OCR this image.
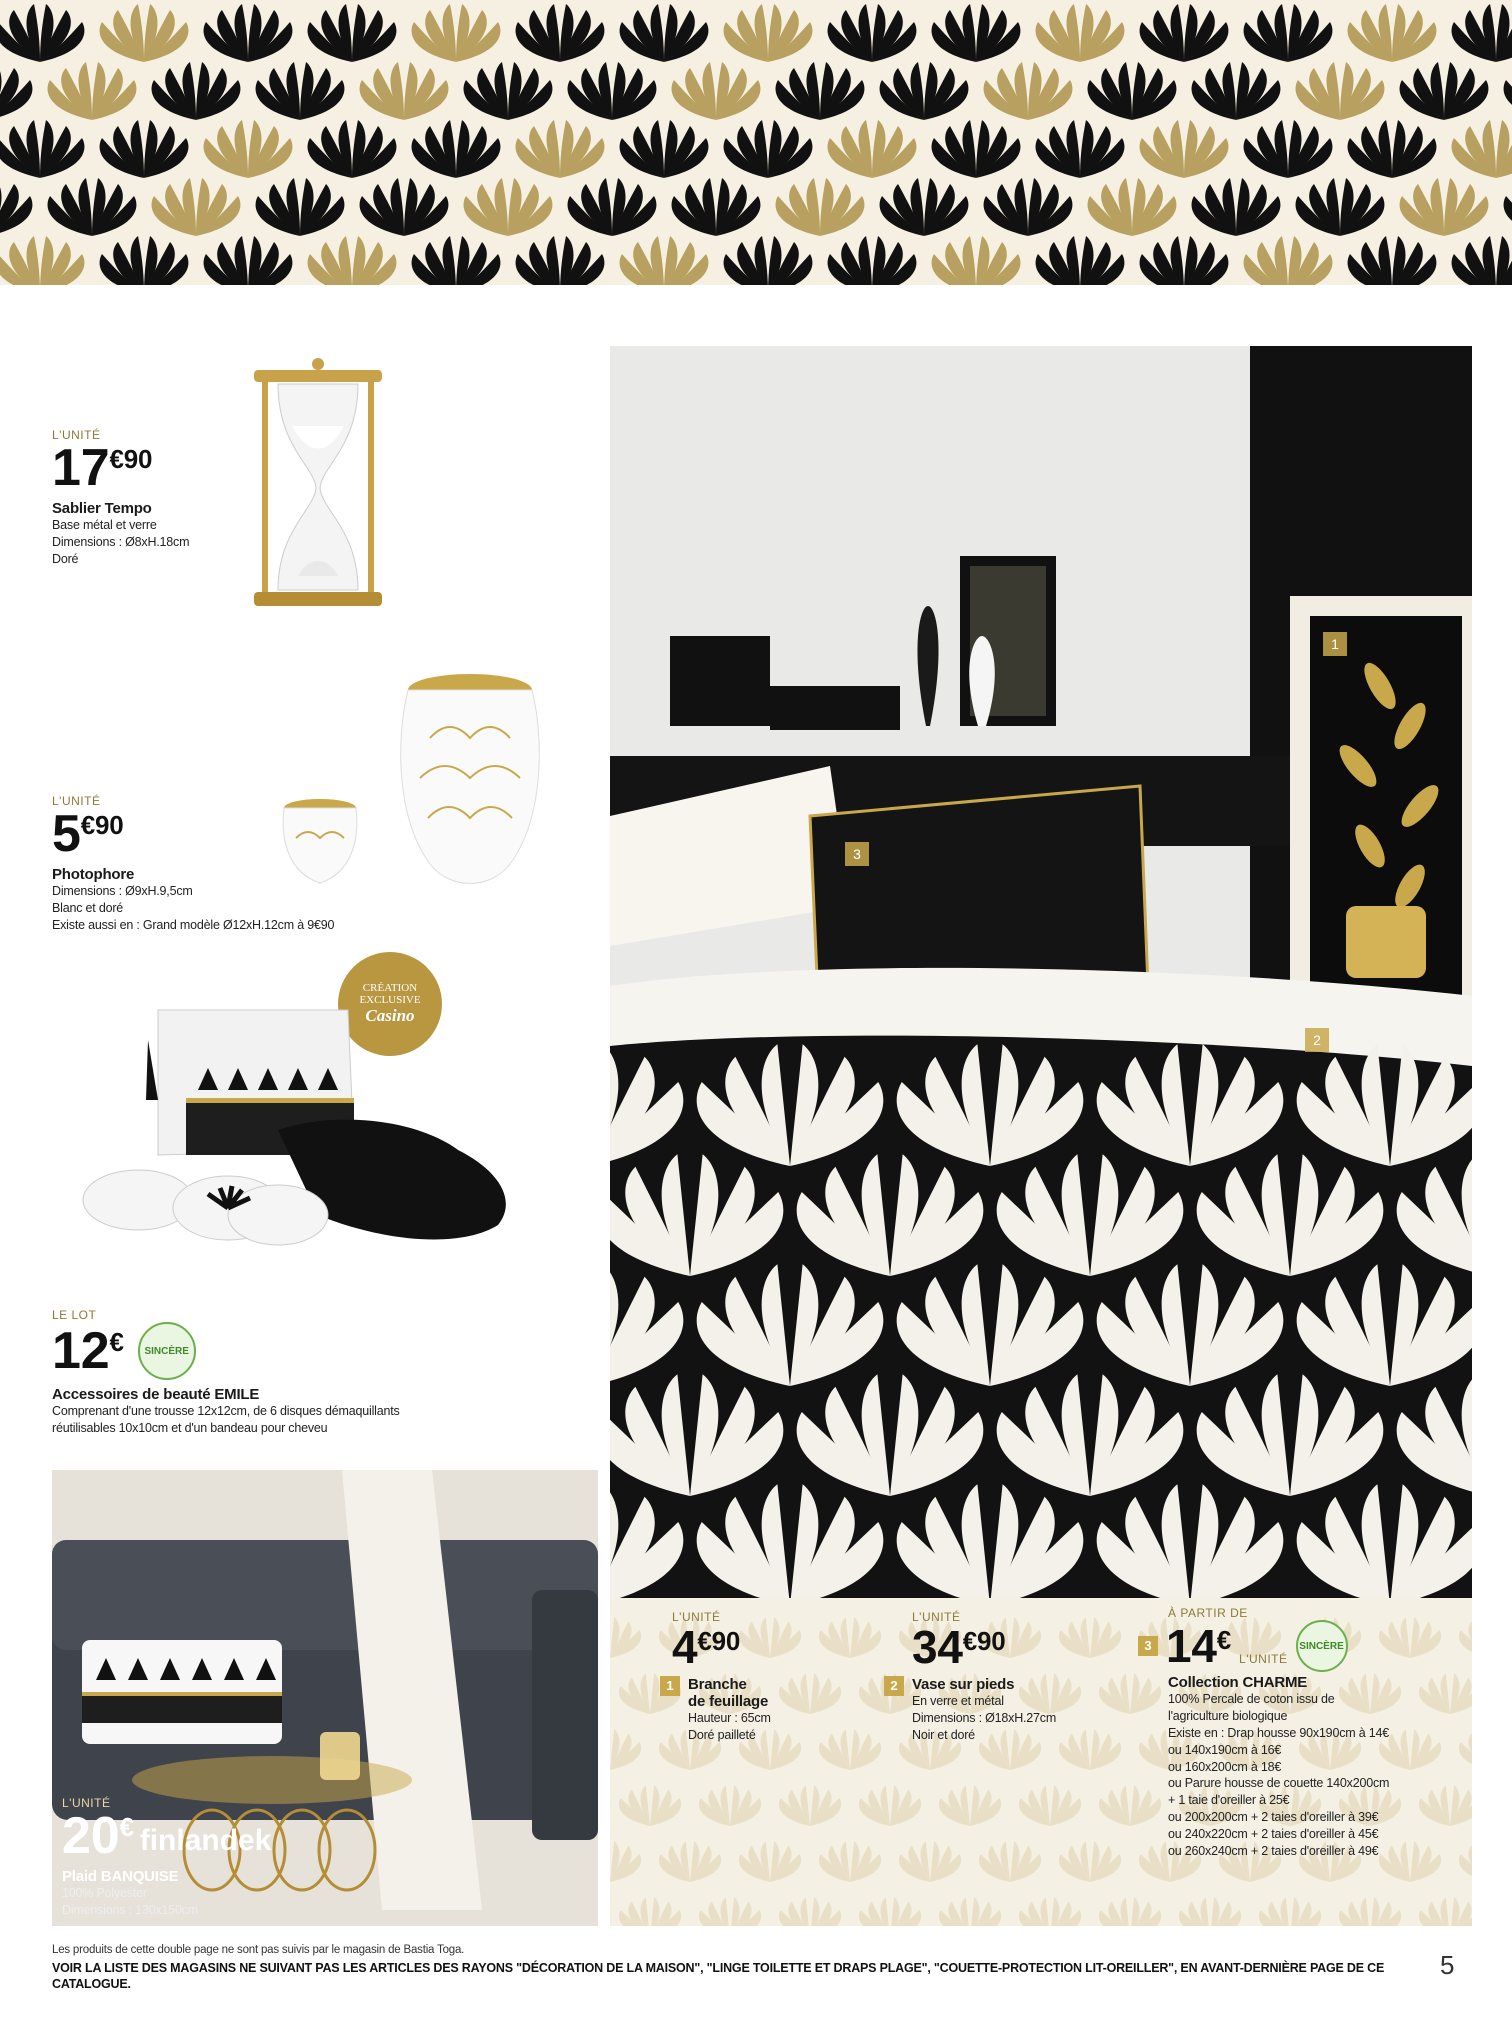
L'UNITÉ
17€90
Sablier Tempo
Base métal et verre
Dimensions : Ø8xH.18cm
Doré
L'UNITÉ
5€90
Photophore
Dimensions : Ø9xH.9,5cm
Blanc et doré
Existe aussi en : Grand modèle Ø12xH.12cm à 9€90
CRÉATION
EXCLUSIVE
Casino
LE LOT
12€	SINCÈRE
Accessoires de beauté EMILE
Comprenant d'une trousse 12x12cm, de 6 disques démaquillants
réutilisables 10x10cm et d'un bandeau pour cheveu
L'UNITÉ
20€ finlandek
Plaid BANQUISE
100% Polyester
Dimensions : 130x150cm
1
2
3
L'UNITÉ
4€90
1 Branche
de feuillage
Hauteur : 65cm
Doré pailleté
L'UNITÉ
34€90
2 Vase sur pieds
En verre et métal
Dimensions : Ø18xH.27cm
Noir et doré
À PARTIR DE
3 14€
L'UNITÉ
SINCÈRE
Collection CHARME
100% Percale de coton issu de
l'agriculture biologique
Existe en : Drap housse 90x190cm à 14€
ou 140x190cm à 16€
ou 160x200cm à 18€
ou Parure housse de couette 140x200cm
+ 1 taie d'oreiller à 25€
ou 200x200cm + 2 taies d'oreiller à 39€
ou 240x220cm + 2 taies d'oreiller à 45€
ou 260x240cm + 2 taies d'oreiller à 49€
Les produits de cette double page ne sont pas suivis par le magasin de Bastia Toga.
VOIR LA LISTE DES MAGASINS NE SUIVANT PAS LES ARTICLES DES RAYONS "DÉCORATION DE LA MAISON", "LINGE TOILETTE ET DRAPS PLAGE", "COUETTE-PROTECTION LIT-OREILLER", EN AVANT-DERNIÈRE PAGE DE CE CATALOGUE.
5
